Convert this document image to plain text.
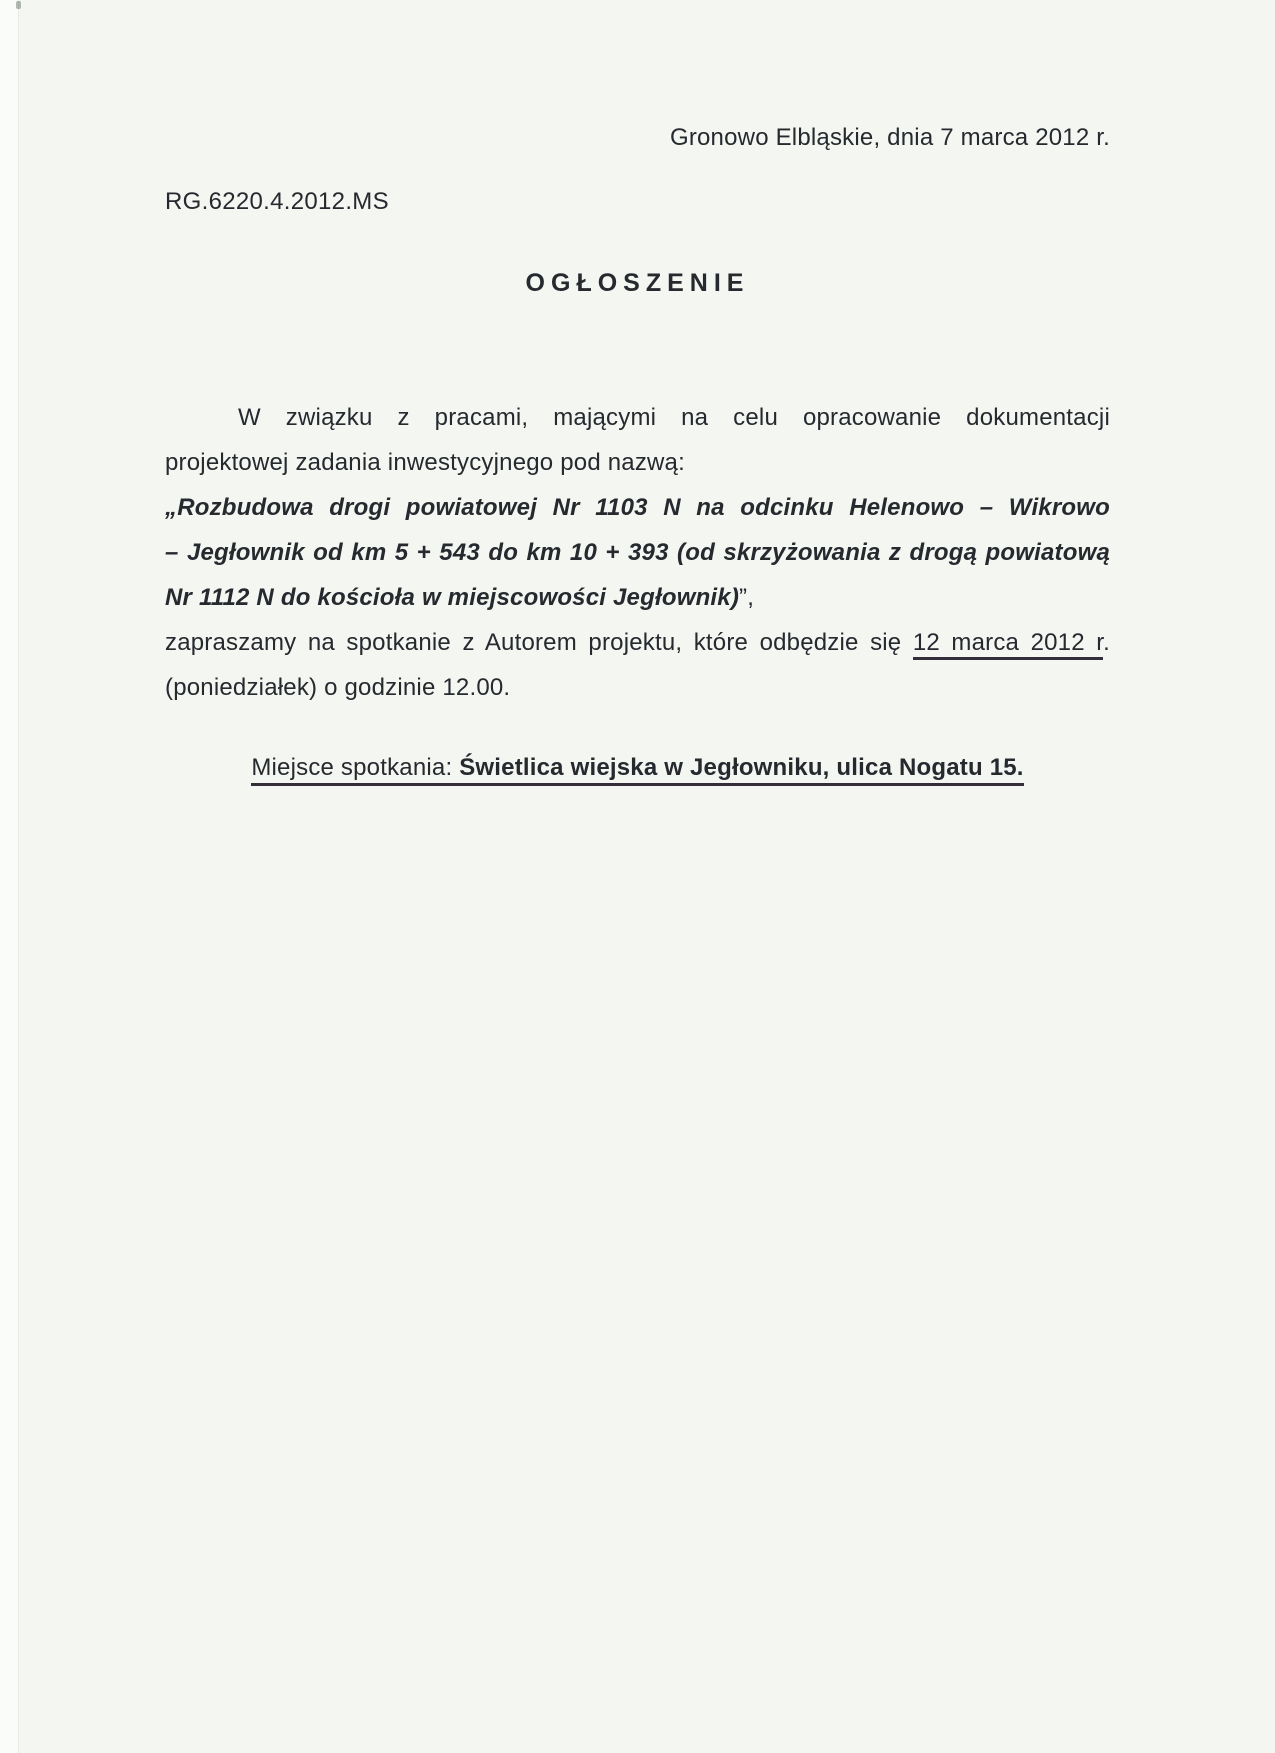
Gronowo Elbląskie, dnia 7 marca 2012 r.
RG.6220.4.2012.MS
OGŁOSZENIE
W związku z pracami, mającymi na celu opracowanie dokumentacji
projektowej zadania inwestycyjnego pod nazwą:
„Rozbudowa drogi powiatowej Nr 1103 N na odcinku Helenowo – Wikrowo
– Jegłownik od km 5 + 543 do km 10 + 393 (od skrzyżowania z drogą powiatową
Nr 1112 N do kościoła w miejscowości Jegłownik)”,
zapraszamy na spotkanie z Autorem projektu, które odbędzie się 12 marca 2012 r.
(poniedziałek) o godzinie 12.00.
Miejsce spotkania: Świetlica wiejska w Jegłowniku, ulica Nogatu 15.
